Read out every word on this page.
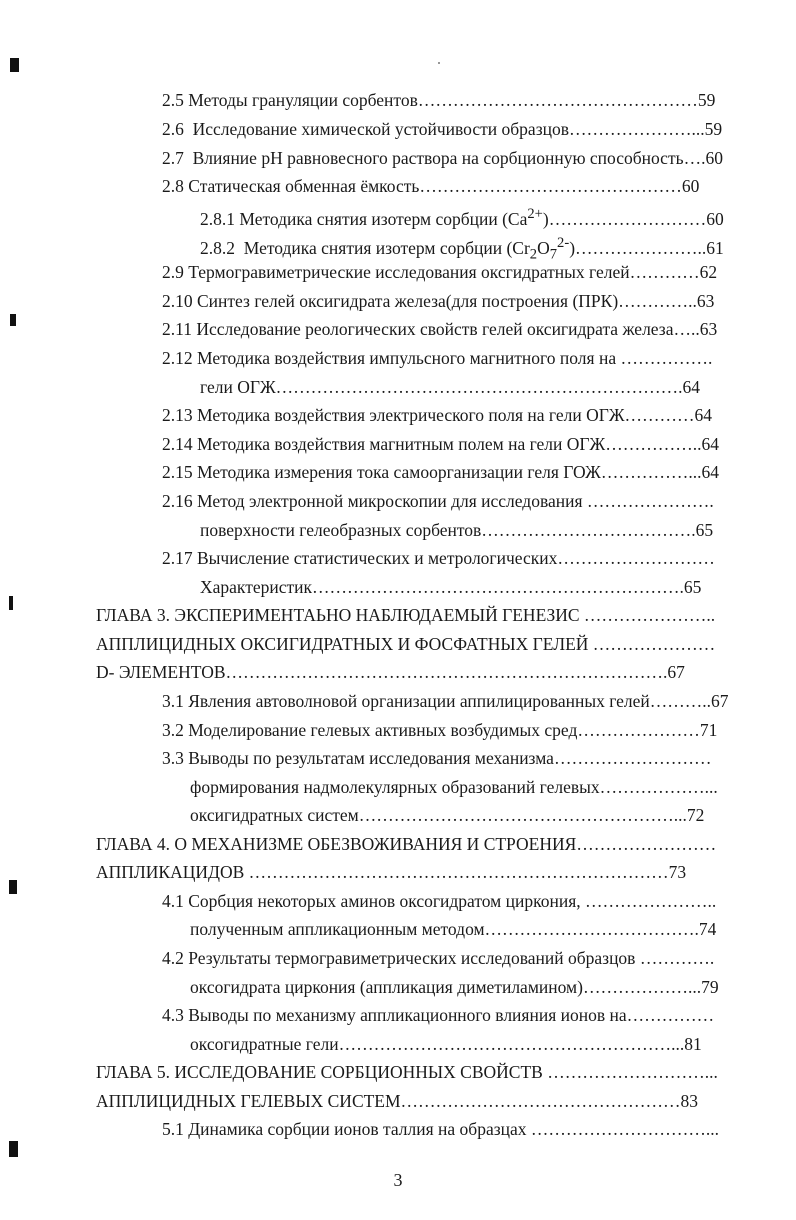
2.5 Методы грануляции сорбентов…………………………………………59
2.6  Исследование химической устойчивости образцов…………………...59
2.7  Влияние pH равновесного раствора на сорбционную способность….60
2.8 Статическая обменная ёмкость………………………………………60
2.8.1 Методика снятия изотерм сорбции $(Ca^{2+})\dots\dots\dots\dots\dots\dots\dots\dots\dots 60$
2.8.2  Методика снятия изотерм сорбции $(Cr_2O_7^{2-})\dots\dots\dots\dots\dots\dots\dots..61$
2.9 Термогравиметрические исследования оксгидратных гелей…………62
2.10 Синтез гелей оксигидрата железа(для построения (ПРК)…………..63
2.11 Исследование реологических свойств гелей оксигидрата железа…..63
2.12 Методика воздействия импульсного магнитного поля на …………….
гели ОГЖ…………………………………………………………….64
2.13 Методика воздействия электрического поля на гели ОГЖ…………64
2.14 Методика воздействия магнитным полем на гели ОГЖ……………..64
2.15 Методика измерения тока самоорганизации геля ГОЖ……………...64
2.16 Метод электронной микроскопии для исследования ………………….
поверхности гелеобразных сорбентов……………………………….65
2.17 Вычисление статистических и метрологических………………………
Характеристик……………………………………………………….65
ГЛАВА 3. ЭКСПЕРИМЕНТАЬНО НАБЛЮДАЕМЫЙ ГЕНЕЗИС …………………..
АППЛИЦИДНЫХ ОКСИГИДРАТНЫХ И ФОСФАТНЫХ ГЕЛЕЙ …………………
D- ЭЛЕМЕНТОВ………………………………………………………………….67
3.1 Явления автоволновой организации аппилицированных гелей………..67
3.2 Моделирование гелевых активных возбудимых сред…………………71
3.3 Выводы по результатам исследования механизма………………………
формирования надмолекулярных образований гелевых………………...
оксигидратных систем………………………………………………...72
ГЛАВА 4. О МЕХАНИЗМЕ ОБЕЗВОЖИВАНИЯ И СТРОЕНИЯ……………………
АППЛИКАЦИДОВ ………………………………………………………………73
4.1 Сорбция некоторых аминов оксогидратом циркония, …………………..
полученным аппликационным методом……………………………….74
4.2 Результаты термогравиметрических исследований образцов ………….
оксогидрата циркония (аппликация диметиламином)………………...79
4.3 Выводы по механизму аппликационного влияния ионов на……………
оксогидратные гели…………………………………………………...81
ГЛАВА 5. ИССЛЕДОВАНИЕ СОРБЦИОННЫХ СВОЙСТВ ………………………...
АППЛИЦИДНЫХ ГЕЛЕВЫХ СИСТЕМ…………………………………………83
5.1 Динамика сорбции ионов таллия на образцах …………………………...
3
